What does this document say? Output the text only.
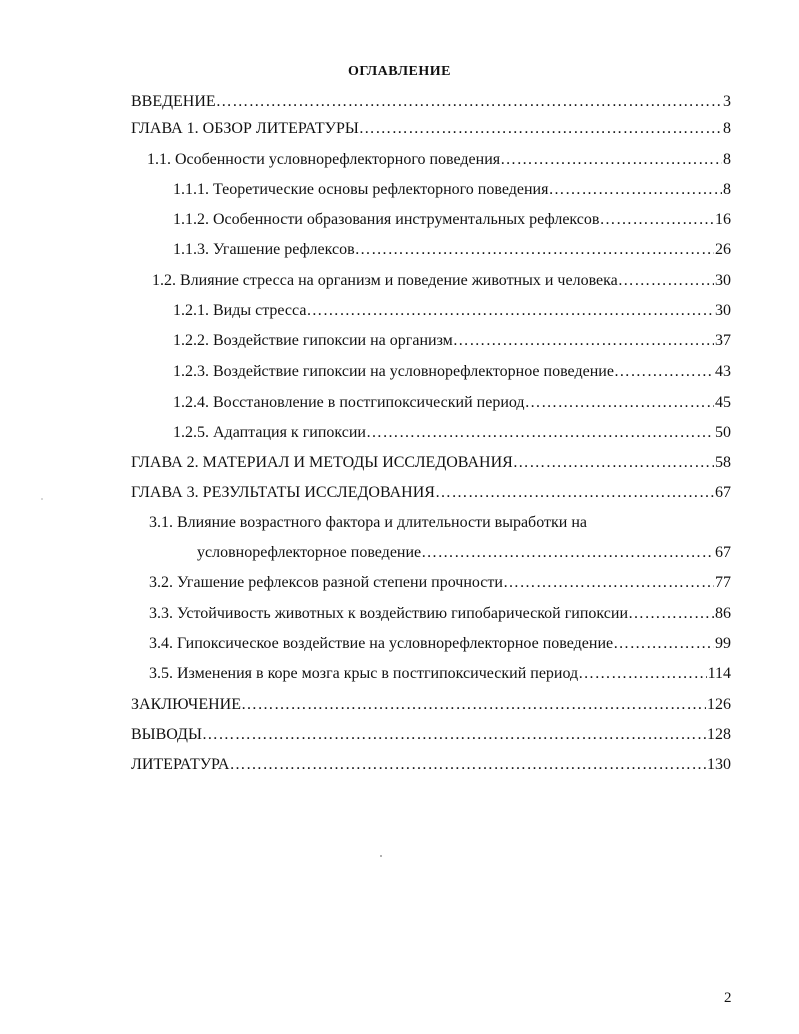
ОГЛАВЛЕНИЕ
ВВЕДЕНИЕ ……………………………………………………………………………………………………………………………………………………………………	3
ГЛАВА 1. ОБЗОР ЛИТЕРАТУРЫ ……………………………………………………………………………………………………………………………………………………………………	8
1.1. Особенности условнорефлекторного поведения ……………………………………………………………………………………………………………………………………………………………………	8
1.1.1. Теоретические основы рефлекторного поведения ……………………………………………………………………………………………………………………………………………………………………	8
1.1.2. Особенности образования инструментальных рефлексов ……………………………………………………………………………………………………………………………………………………………………	16
1.1.3. Угашение рефлексов ……………………………………………………………………………………………………………………………………………………………………	26
1.2. Влияние стресса на организм и поведение животных и человека ……………………………………………………………………………………………………………………………………………………………………	30
1.2.1. Виды стресса ……………………………………………………………………………………………………………………………………………………………………	30
1.2.2. Воздействие гипоксии на организм ……………………………………………………………………………………………………………………………………………………………………	37
1.2.3. Воздействие гипоксии на условнорефлекторное поведение ……………………………………………………………………………………………………………………………………………………………………	43
1.2.4. Восстановление в постгипоксический период ……………………………………………………………………………………………………………………………………………………………………	45
1.2.5. Адаптация к гипоксии ……………………………………………………………………………………………………………………………………………………………………	50
ГЛАВА 2. МАТЕРИАЛ И МЕТОДЫ ИССЛЕДОВАНИЯ ……………………………………………………………………………………………………………………………………………………………………	58
ГЛАВА 3. РЕЗУЛЬТАТЫ ИССЛЕДОВАНИЯ ……………………………………………………………………………………………………………………………………………………………………	67
3.1. Влияние возрастного фактора и длительности выработки на
условнорефлекторное поведение ……………………………………………………………………………………………………………………………………………………………………	67
3.2. Угашение рефлексов разной степени прочности ……………………………………………………………………………………………………………………………………………………………………	77
3.3. Устойчивость животных к воздействию гипобарической гипоксии ……………………………………………………………………………………………………………………………………………………………………	86
3.4. Гипоксическое воздействие на условнорефлекторное поведение ……………………………………………………………………………………………………………………………………………………………………	99
3.5. Изменения в коре мозга крыс в постгипоксический период ……………………………………………………………………………………………………………………………………………………………………	114
ЗАКЛЮЧЕНИЕ ……………………………………………………………………………………………………………………………………………………………………	126
ВЫВОДЫ ……………………………………………………………………………………………………………………………………………………………………	128
ЛИТЕРАТУРА ……………………………………………………………………………………………………………………………………………………………………	130
2
